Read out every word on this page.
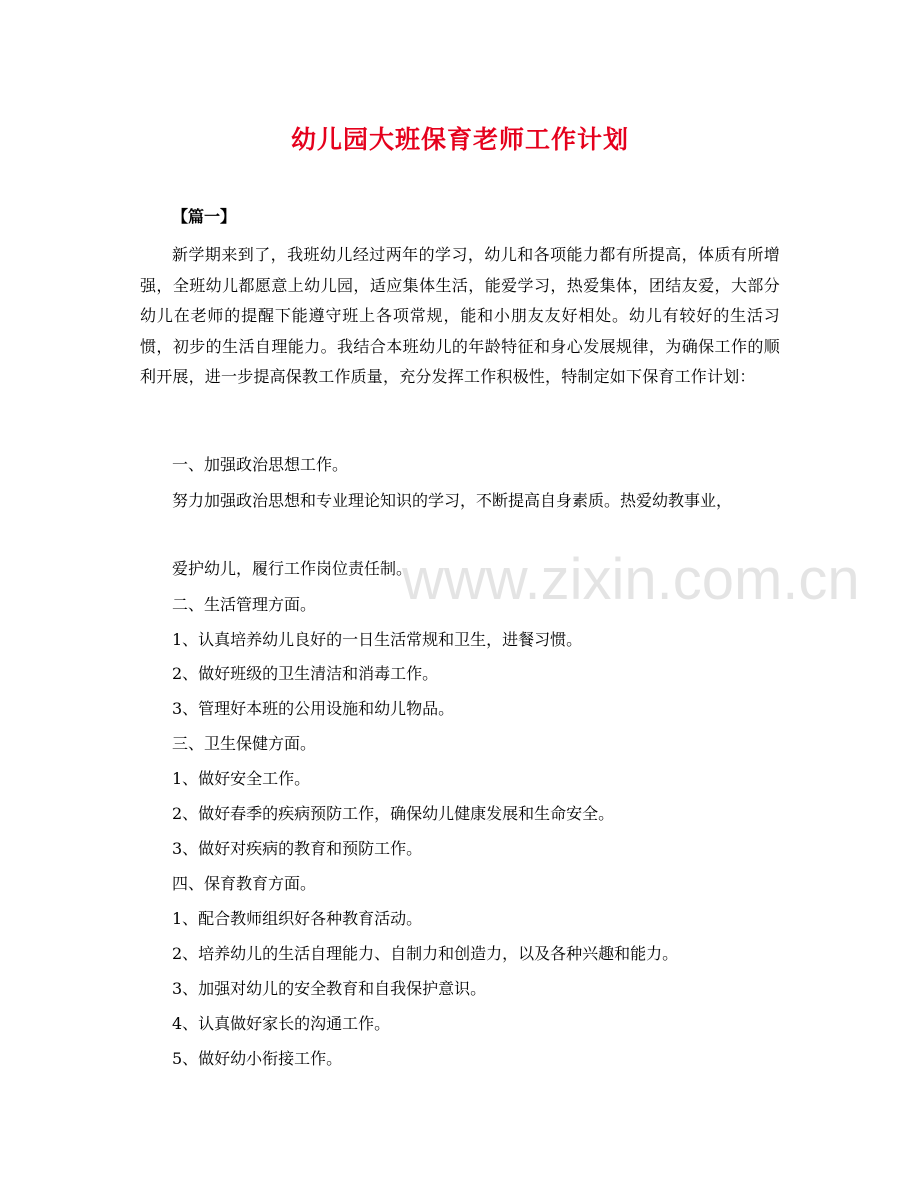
幼儿园大班保育老师工作计划
【篇一】

新学期来到了，我班幼儿经过两年的学习，幼儿和各项能力都有所提高，体质有所增强，全班幼儿都愿意上幼儿园，适应集体生活，能爱学习，热爱集体，团结友爱，大部分幼儿在老师的提醒下能遵守班上各项常规，能和小朋友友好相处。幼儿有较好的生活习惯，初步的生活自理能力。我结合本班幼儿的年龄特征和身心发展规律，为确保工作的顺利开展，进一步提高保教工作质量，充分发挥工作积极性，特制定如下保育工作计划：

一、加强政治思想工作。

努力加强政治思想和专业理论知识的学习，不断提高自身素质。热爱幼教事业，

爱护幼儿，履行工作岗位责任制。

二、生活管理方面。

1、认真培养幼儿良好的一日生活常规和卫生，进餐习惯。

2、做好班级的卫生清洁和消毒工作。

3、管理好本班的公用设施和幼儿物品。

三、卫生保健方面。

1、做好安全工作。

2、做好春季的疾病预防工作，确保幼儿健康发展和生命安全。

3、做好对疾病的教育和预防工作。

四、保育教育方面。

1、配合教师组织好各种教育活动。

2、培养幼儿的生活自理能力、自制力和创造力，以及各种兴趣和能力。

3、加强对幼儿的安全教育和自我保护意识。

4、认真做好家长的沟通工作。

5、做好幼小衔接工作。

www.zixin.com.cn
